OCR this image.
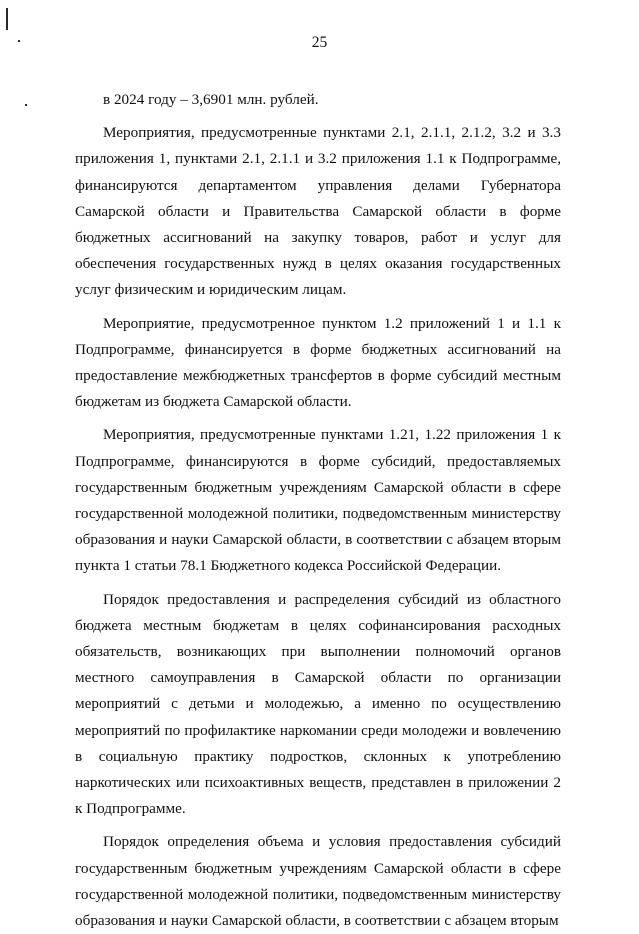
25

в 2024 году – 3,6901 млн. рублей.

Мероприятия, предусмотренные пунктами 2.1, 2.1.1, 2.1.2, 3.2 и 3.3 приложения 1, пунктами 2.1, 2.1.1 и 3.2 приложения 1.1 к Подпрограмме, финансируются департаментом управления делами Губернатора Самарской области и Правительства Самарской области в форме бюджетных ассигнований на закупку товаров, работ и услуг для обеспечения государственных нужд в целях оказания государственных услуг физическим и юридическим лицам.

Мероприятие, предусмотренное пунктом 1.2 приложений 1 и 1.1 к Подпрограмме, финансируется в форме бюджетных ассигнований на предоставление межбюджетных трансфертов в форме субсидий местным бюджетам из бюджета Самарской области.

Мероприятия, предусмотренные пунктами 1.21, 1.22 приложения 1 к Подпрограмме, финансируются в форме субсидий, предоставляемых государственным бюджетным учреждениям Самарской области в сфере государственной молодежной политики, подведомственным министерству образования и науки Самарской области, в соответствии с абзацем вторым пункта 1 статьи 78.1 Бюджетного кодекса Российской Федерации.

Порядок предоставления и распределения субсидий из областного бюджета местным бюджетам в целях софинансирования расходных обязательств, возникающих при выполнении полномочий органов местного самоуправления в Самарской области по организации мероприятий с детьми и молодежью, а именно по осуществлению мероприятий по профилактике наркомании среди молодежи и вовлечению в социальную практику подростков, склонных к употреблению наркотических или психоактивных веществ, представлен в приложении 2 к Подпрограмме.

Порядок определения объема и условия предоставления субсидий государственным бюджетным учреждениям Самарской области в сфере государственной молодежной политики, подведомственным министерству образования и науки Самарской области, в соответствии с абзацем вторым
